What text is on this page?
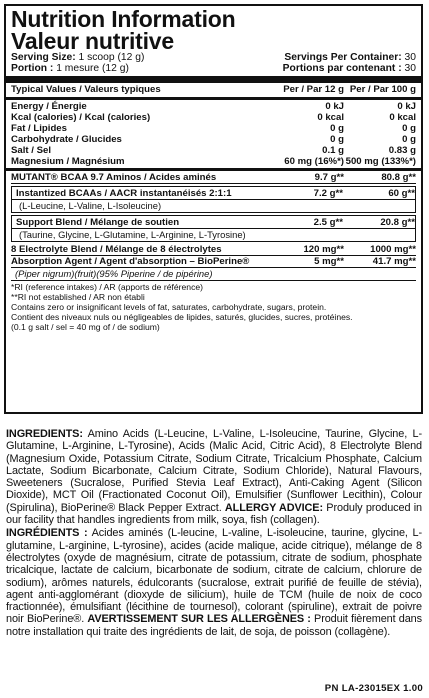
Nutrition Information
Valeur nutritive
Serving Size: 1 scoop (12 g)	Servings Per Container: 30
Portion : 1 mesure (12 g)	Portions par contenant : 30
Typical Values / Valeurs typiques	Per / Par 12 g Per / Par 100 g
Energy / Énergie	0 kJ	0 kJ
Kcal (calories) / Kcal (calories)	0 kcal	0 kcal
Fat / Lipides	0 g	0 g
Carbohydrate / Glucides	0 g	0 g
Salt / Sel	0.1 g	0.83 g
Magnesium / Magnésium	60 mg (16%*) 500 mg (133%*)
MUTANT® BCAA 9.7 Aminos / Acides aminés	9.7 g**	80.8 g**
Instantized BCAAs / AACR instantanéisés 2:1:1	7.2 g**	60 g**
(L-Leucine, L-Valine, L-Isoleucine)
Support Blend / Mélange de soutien	2.5 g**	20.8 g**
(Taurine, Glycine, L-Glutamine, L-Arginine, L-Tyrosine)
8 Electrolyte Blend / Mélange de 8 électrolytes	120 mg**	1000 mg**
Absorption Agent / Agent d'absorption – BioPerine®	5 mg**	41.7 mg**
(Piper nigrum)(fruit)(95% Piperine / de pipérine)
*RI (reference intakes) / AR (apports de référence)
**RI not established / AR non établi
Contains zero or insignificant levels of fat, saturates, carbohydrate, sugars, protein.
Contient des niveaux nuls ou négligeables de lipides, saturés, glucides, sucres, protéines.
(0.1 g salt / sel = 40 mg of / de sodium)

INGREDIENTS: Amino Acids (L-Leucine, L-Valine, L-Isoleucine, Taurine, Glycine, L-Glutamine, L-Arginine, L-Tyrosine), Acids (Malic Acid, Citric Acid), 8 Electrolyte Blend (Magnesium Oxide, Potassium Citrate, Sodium Citrate, Tricalcium Phosphate, Calcium Lactate, Sodium Bicarbonate, Calcium Citrate, Sodium Chloride), Natural Flavours, Sweeteners (Sucralose, Purified Stevia Leaf Extract), Anti-Caking Agent (Silicon Dioxide), MCT Oil (Fractionated Coconut Oil), Emulsifier (Sunflower Lecithin), Colour (Spirulina), BioPerine® Black Pepper Extract. ALLERGY ADVICE: Produly produced in our facility that handles ingredients from milk, soya, fish (collagen).

INGRÉDIENTS : Acides aminés (L-leucine, L-valine, L-isoleucine, taurine, glycine, L-glutamine, L-arginine, L-tyrosine), acides (acide malique, acide citrique), mélange de 8 électrolytes (oxyde de magnésium, citrate de potassium, citrate de sodium, phosphate tricalcique, lactate de calcium, bicarbonate de sodium, citrate de calcium, chlorure de sodium), arômes naturels, édulcorants (sucralose, extrait purifié de feuille de stévia), agent anti-agglomérant (dioxyde de silicium), huile de TCM (huile de noix de coco fractionnée), émulsifiant (lécithine de tournesol), colorant (spiruline), extrait de poivre noir BioPerine®. AVERTISSEMENT SUR LES ALLERGÈNES : Produit fièrement dans notre installation qui traite des ingrédients de lait, de soja, de poisson (collagène).

PN LA-23015EX 1.00
